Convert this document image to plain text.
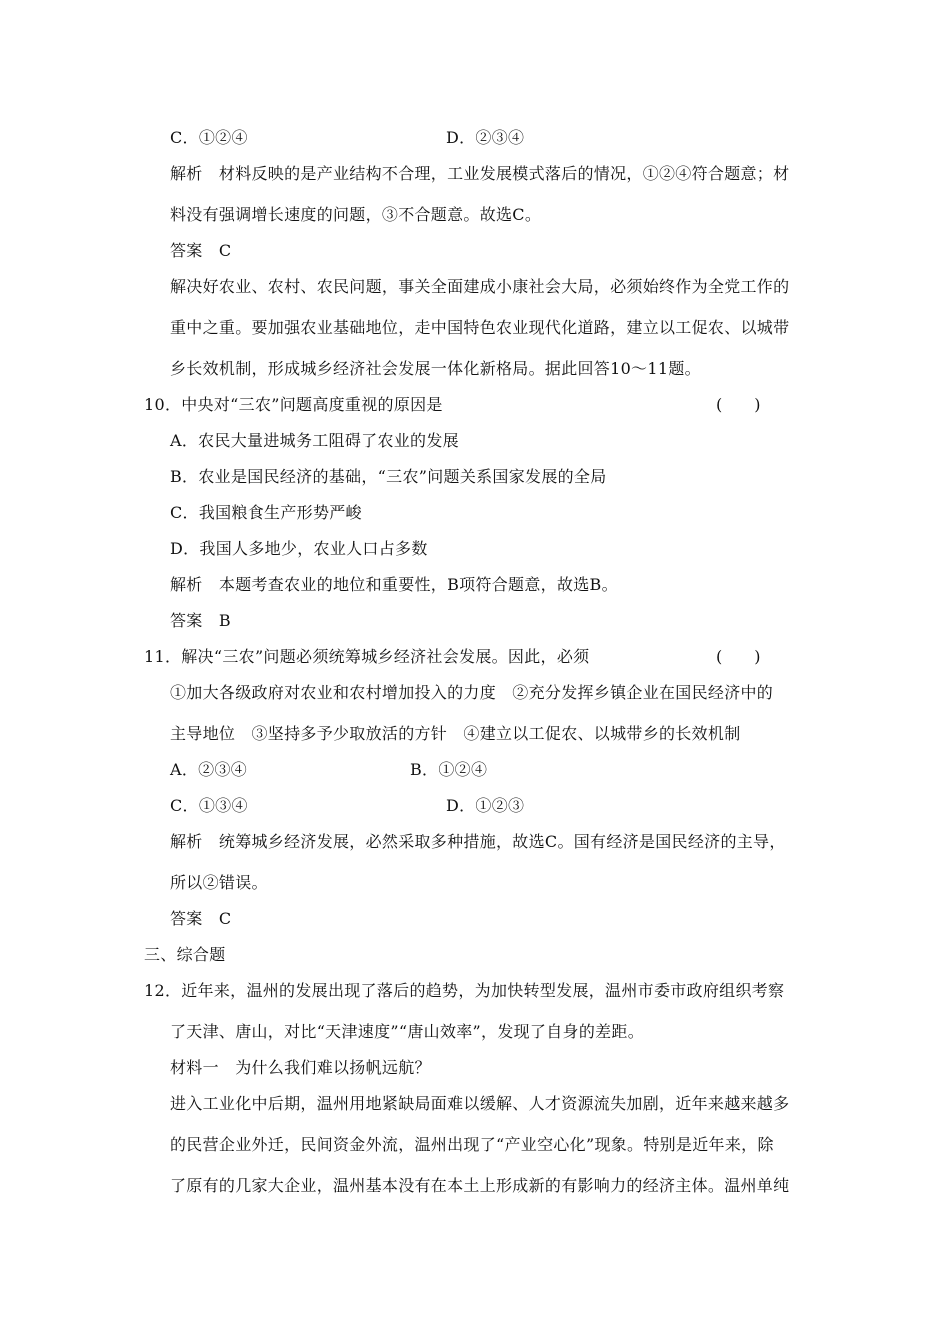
C．①②④	D．②③④
解析　材料反映的是产业结构不合理，工业发展模式落后的情况，①②④符合题意；材
料没有强调增长速度的问题，③不合题意。故选C。
答案　C
解决好农业、农村、农民问题，事关全面建成小康社会大局，必须始终作为全党工作的
重中之重。要加强农业基础地位，走中国特色农业现代化道路，建立以工促农、以城带
乡长效机制，形成城乡经济社会发展一体化新格局。据此回答10～11题。
10．中央对“三农”问题高度重视的原因是	(　　)
A．农民大量进城务工阻碍了农业的发展
B．农业是国民经济的基础，“三农”问题关系国家发展的全局
C．我国粮食生产形势严峻
D．我国人多地少，农业人口占多数
解析　本题考查农业的地位和重要性，B项符合题意，故选B。
答案　B
11．解决“三农”问题必须统筹城乡经济社会发展。因此，必须	(　　)
①加大各级政府对农业和农村增加投入的力度　②充分发挥乡镇企业在国民经济中的
主导地位　③坚持多予少取放活的方针　④建立以工促农、以城带乡的长效机制
A．②③④	B．①②④
C．①③④	D．①②③
解析　统筹城乡经济发展，必然采取多种措施，故选C。国有经济是国民经济的主导，
所以②错误。
答案　C
三、综合题
12．近年来，温州的发展出现了落后的趋势，为加快转型发展，温州市委市政府组织考察
了天津、唐山，对比“天津速度”“唐山效率”，发现了自身的差距。
材料一　为什么我们难以扬帆远航？
进入工业化中后期，温州用地紧缺局面难以缓解、人才资源流失加剧，近年来越来越多
的民营企业外迁，民间资金外流，温州出现了“产业空心化”现象。特别是近年来，除
了原有的几家大企业，温州基本没有在本土上形成新的有影响力的经济主体。温州单纯
